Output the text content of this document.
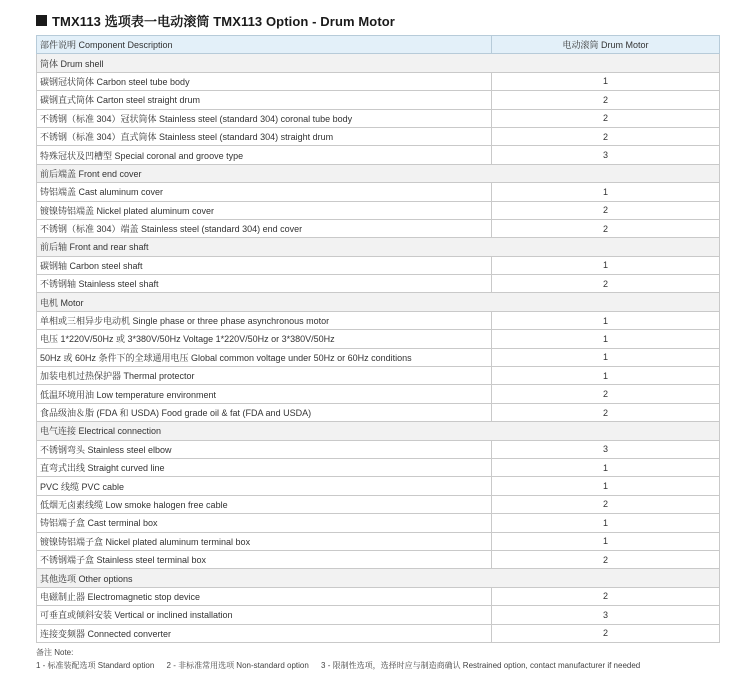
TMX113 选项表一电动滚筒 TMX113 Option - Drum Motor
部件说明 Component Description	电动滚筒 Drum Motor
筒体 Drum shell	
碳钢冠状筒体 Carbon steel tube body	1
碳钢直式筒体 Carton steel straight drum	2
不锈钢（标准 304）冠状筒体 Stainless steel (standard 304) coronal tube body	2
不锈钢（标准 304）直式筒体 Stainless steel (standard 304) straight drum	2
特殊冠状及凹槽型 Special coronal and groove type	3
前后端盖 Front end cover	
铸铝端盖 Cast aluminum cover	1
镀镍铸铝端盖 Nickel plated aluminum cover	2
不锈钢（标准 304）端盖 Stainless steel (standard 304) end cover	2
前后轴 Front and rear shaft	
碳钢轴 Carbon steel shaft	1
不锈钢轴 Stainless steel shaft	2
电机 Motor	
单相或三相异步电动机 Single phase or three phase asynchronous motor	1
电压 1*220V/50Hz 或 3*380V/50Hz Voltage 1*220V/50Hz or 3*380V/50Hz	1
50Hz 或 60Hz 条件下的全球通用电压 Global common voltage under 50Hz or 60Hz conditions	1
加装电机过热保护器 Thermal protector	1
低温环境用油 Low temperature environment	2
食品级油＆脂 (FDA 和 USDA) Food grade oil & fat (FDA and USDA)	2
电气连接 Electrical connection	
不锈钢弯头 Stainless steel elbow	3
直弯式出线 Straight curved line	1
PVC 线缆 PVC cable	1
低烟无卤素线缆 Low smoke halogen free cable	2
铸铝端子盒 Cast terminal box	1
镀镍铸铝端子盒 Nickel plated aluminum terminal box	1
不锈钢端子盒 Stainless steel terminal box	2
其他选项 Other options	
电磁制止器 Electromagnetic stop device	2
可垂直或倾斜安装 Vertical or inclined installation	3
连接变频器 Connected converter	2
备注 Note:
1 - 标准装配选项 Standard option 2 - 非标准常用选项 Non-standard option 3 - 限制性选项，选择时应与制造商确认 Restrained option, contact manufacturer if needed
